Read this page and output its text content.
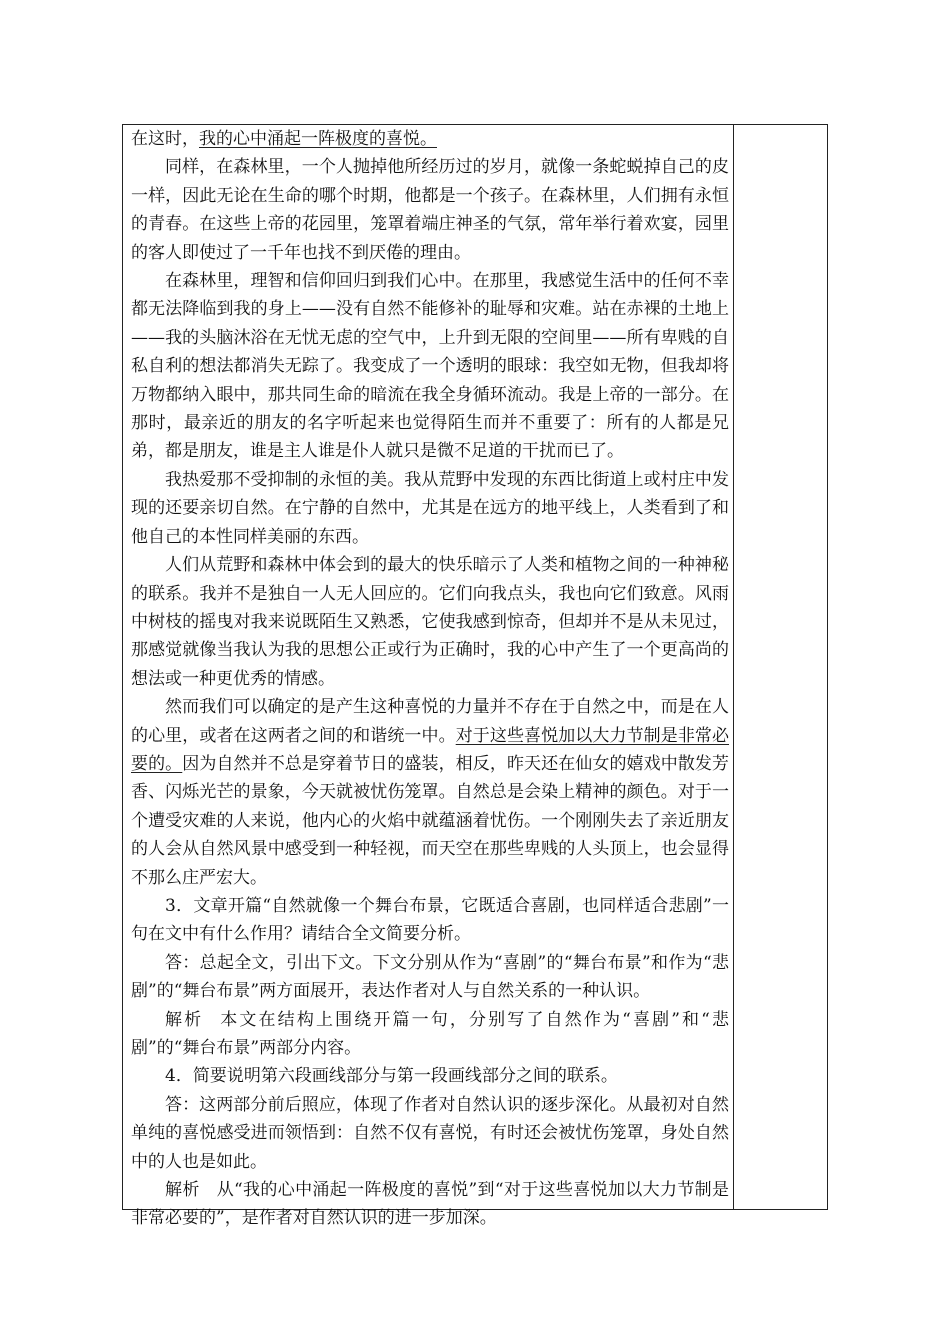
在这时，我的心中涌起一阵极度的喜悦。

同样，在森林里，一个人抛掉他所经历过的岁月，就像一条蛇蜕掉自己的皮一样，因此无论在生命的哪个时期，他都是一个孩子。在森林里，人们拥有永恒的青春。在这些上帝的花园里，笼罩着端庄神圣的气氛，常年举行着欢宴，园里的客人即使过了一千年也找不到厌倦的理由。

在森林里，理智和信仰回归到我们心中。在那里，我感觉生活中的任何不幸都无法降临到我的身上——没有自然不能修补的耻辱和灾难。站在赤裸的土地上——我的头脑沐浴在无忧无虑的空气中，上升到无限的空间里——所有卑贱的自私自利的想法都消失无踪了。我变成了一个透明的眼球：我空如无物，但我却将万物都纳入眼中，那共同生命的暗流在我全身循环流动。我是上帝的一部分。在那时，最亲近的朋友的名字听起来也觉得陌生而并不重要了：所有的人都是兄弟，都是朋友，谁是主人谁是仆人就只是微不足道的干扰而已了。

我热爱那不受抑制的永恒的美。我从荒野中发现的东西比街道上或村庄中发现的还要亲切自然。在宁静的自然中，尤其是在远方的地平线上，人类看到了和他自己的本性同样美丽的东西。

人们从荒野和森林中体会到的最大的快乐暗示了人类和植物之间的一种神秘的联系。我并不是独自一人无人回应的。它们向我点头，我也向它们致意。风雨中树枝的摇曳对我来说既陌生又熟悉，它使我感到惊奇，但却并不是从未见过，那感觉就像当我认为我的思想公正或行为正确时，我的心中产生了一个更高尚的想法或一种更优秀的情感。

然而我们可以确定的是产生这种喜悦的力量并不存在于自然之中，而是在人的心里，或者在这两者之间的和谐统一中。对于这些喜悦加以大力节制是非常必要的。因为自然并不总是穿着节日的盛装，相反，昨天还在仙女的嬉戏中散发芳香、闪烁光芒的景象，今天就被忧伤笼罩。自然总是会染上精神的颜色。对于一个遭受灾难的人来说，他内心的火焰中就蕴涵着忧伤。一个刚刚失去了亲近朋友的人会从自然风景中感受到一种轻视，而天空在那些卑贱的人头顶上，也会显得不那么庄严宏大。

3．文章开篇“自然就像一个舞台布景，它既适合喜剧，也同样适合悲剧”一句在文中有什么作用？请结合全文简要分析。

答：总起全文，引出下文。下文分别从作为“喜剧”的“舞台布景”和作为“悲剧”的“舞台布景”两方面展开，表达作者对人与自然关系的一种认识。

解析 本文在结构上围绕开篇一句，分别写了自然作为“喜剧”和“悲剧”的“舞台布景”两部分内容。

4．简要说明第六段画线部分与第一段画线部分之间的联系。

答：这两部分前后照应，体现了作者对自然认识的逐步深化。从最初对自然单纯的喜悦感受进而领悟到：自然不仅有喜悦，有时还会被忧伤笼罩，身处自然中的人也是如此。

解析 从“我的心中涌起一阵极度的喜悦”到“对于这些喜悦加以大力节制是非常必要的”，是作者对自然认识的进一步加深。
